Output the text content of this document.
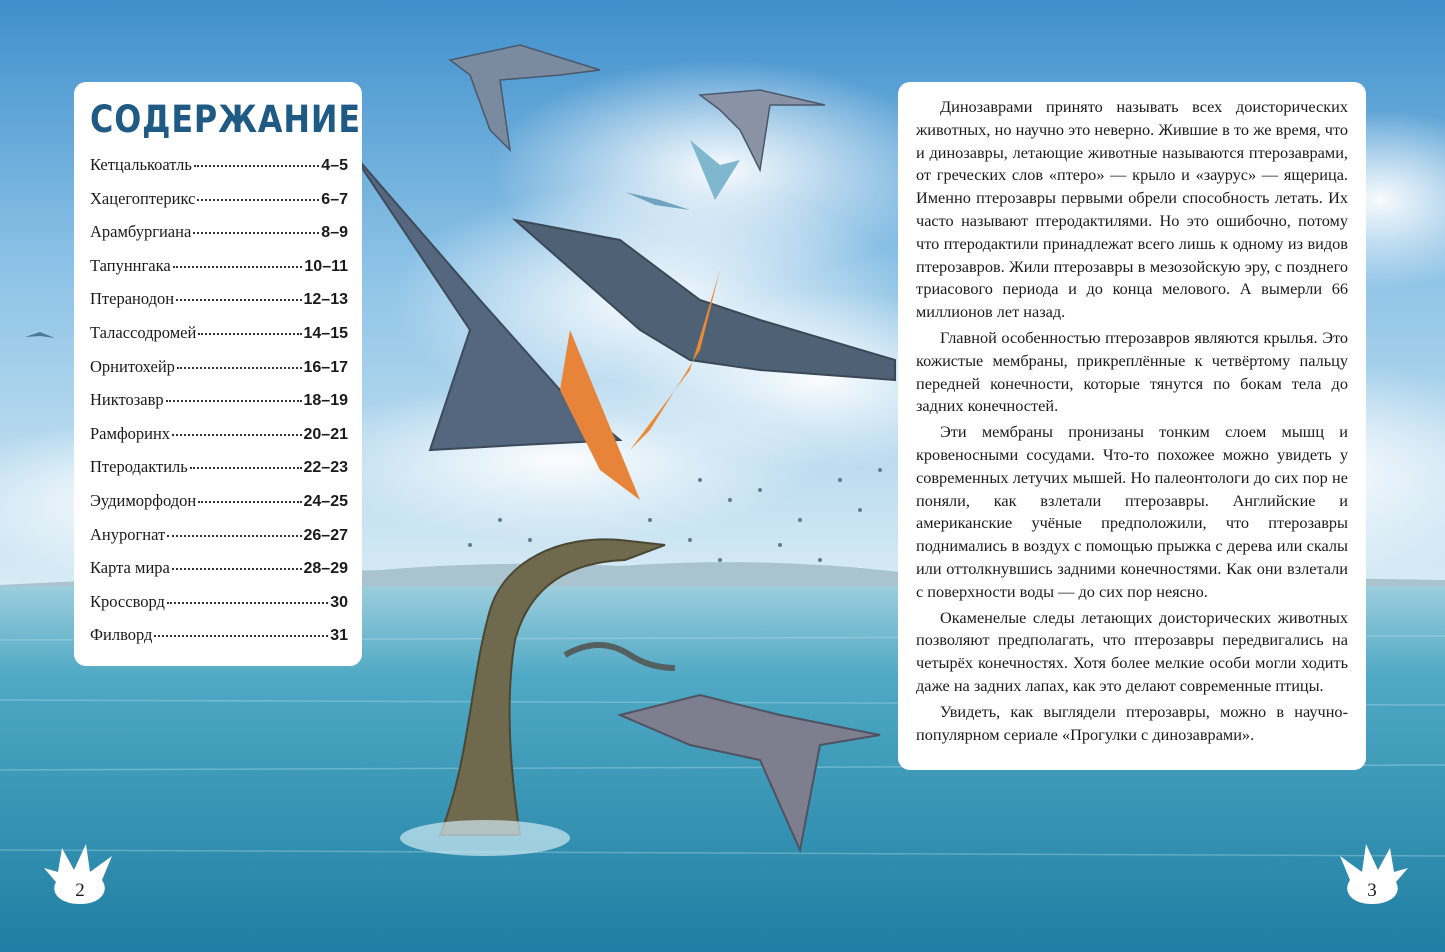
СОДЕРЖАНИЕ
Кетцалькоатль	4–5
Хацегоптерикс	6–7
Арамбургиана	8–9
Тапуннгака	10–11
Птеранодон	12–13
Талассодромей	14–15
Орнитохейр	16–17
Никтозавр	18–19
Рамфоринх	20–21
Птеродактиль	22–23
Эудиморфодон	24–25
Анурогнат	26–27
Карта мира	28–29
Кроссворд	30
Филворд	31

Динозаврами принято называть всех доисторических животных, но научно это неверно. Жившие в то же время, что и динозавры, летающие животные называются птерозаврами, от греческих слов «птеро» — крыло и «заурус» — ящерица. Именно птерозавры первыми обрели способность летать. Их часто называют птеродактилями. Но это ошибочно, потому что птеродактили принадлежат всего лишь к одному из видов птерозавров. Жили птерозавры в мезозойскую эру, с позднего триасового периода и до конца мелового. А вымерли 66 миллионов лет назад.

Главной особенностью птерозавров являются крылья. Это кожистые мембраны, прикреплённые к четвёртому пальцу передней конечности, которые тянутся по бокам тела до задних конечностей.

Эти мембраны пронизаны тонким слоем мышц и кровеносными сосудами. Что-то похожее можно увидеть у современных летучих мышей. Но палеонтологи до сих пор не поняли, как взлетали птерозавры. Английские и американские учёные предположили, что птерозавры поднимались в воздух с помощью прыжка с дерева или скалы или оттолкнувшись задними конечностями. Как они взлетали с поверхности воды — до сих пор неясно.

Окаменелые следы летающих доисторических животных позволяют предполагать, что птерозавры передвигались на четырёх конечностях. Хотя более мелкие особи могли ходить даже на задних лапах, как это делают современные птицы.

Увидеть, как выглядели птерозавры, можно в научно-популярном сериале «Прогулки с динозаврами».

2	3
